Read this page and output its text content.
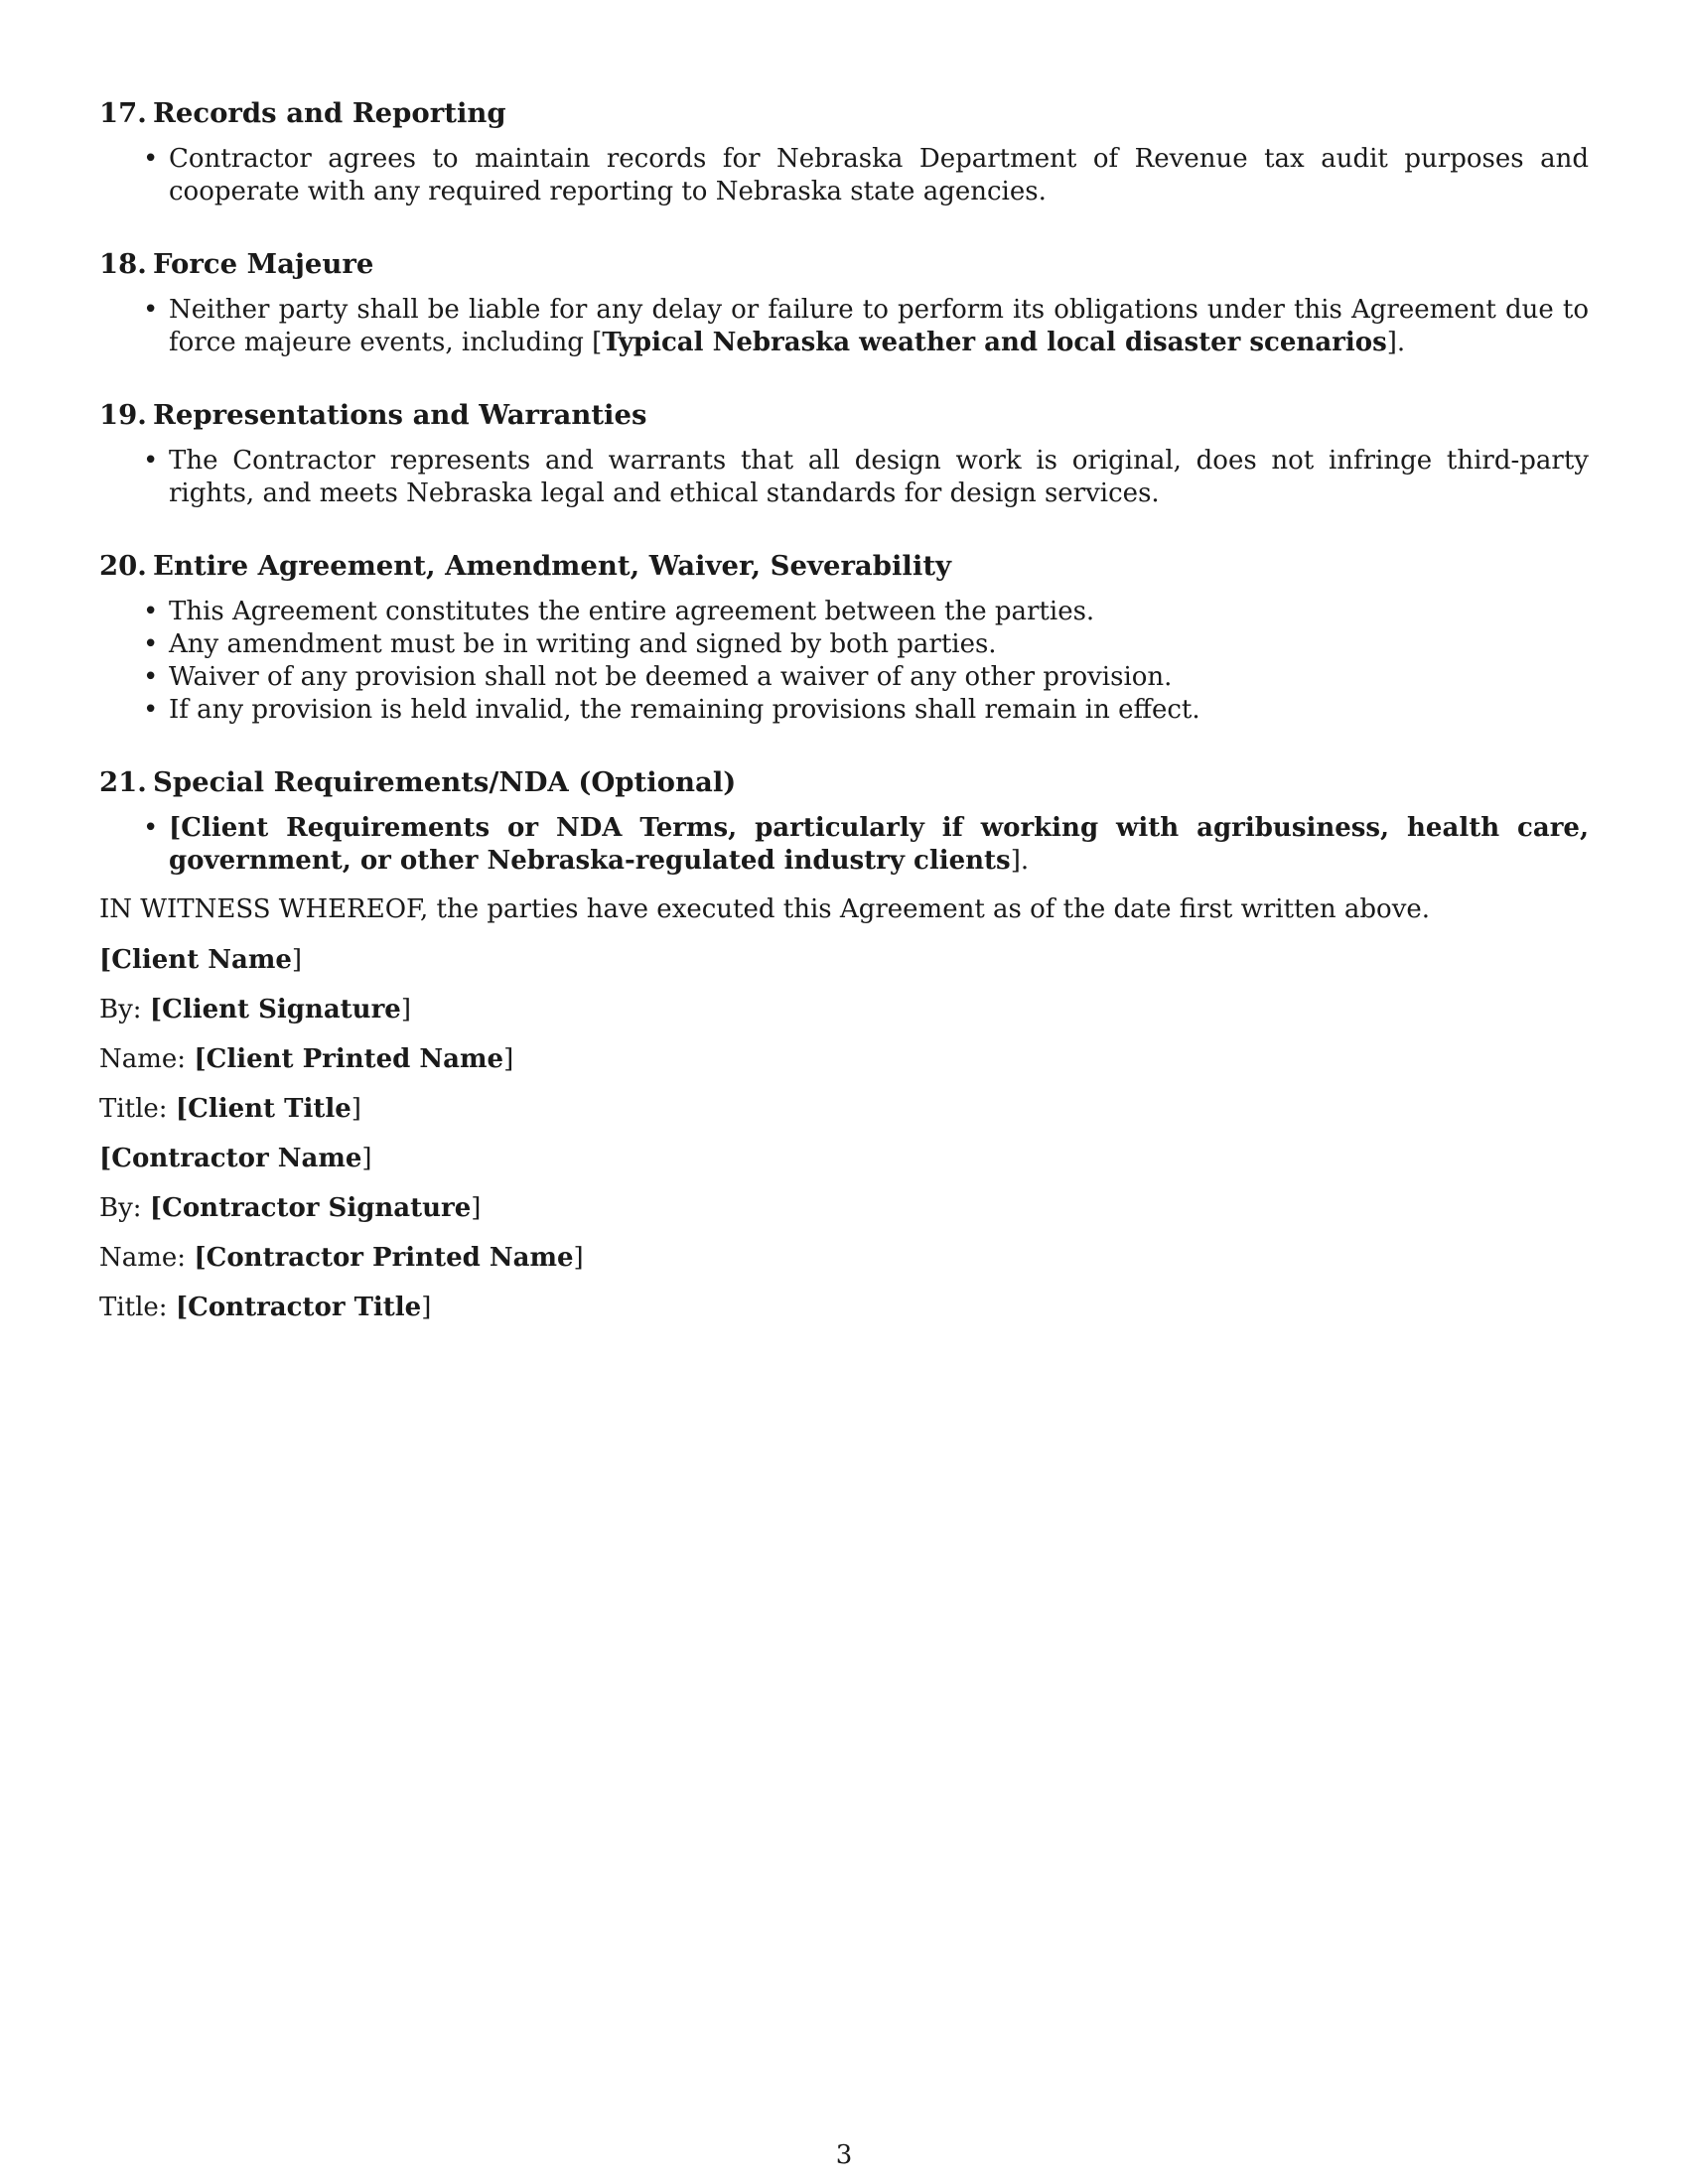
17. Records and Reporting
• Contractor agrees to maintain records for Nebraska Department of Revenue tax audit purposes and cooperate with any required reporting to Nebraska state agencies.
18. Force Majeure
• Neither party shall be liable for any delay or failure to perform its obligations under this Agreement due to force majeure events, including [Typical Nebraska weather and local disaster scenarios].
19. Representations and Warranties
• The Contractor represents and warrants that all design work is original, does not infringe third-party rights, and meets Nebraska legal and ethical standards for design services.
20. Entire Agreement, Amendment, Waiver, Severability
• This Agreement constitutes the entire agreement between the parties.
• Any amendment must be in writing and signed by both parties.
• Waiver of any provision shall not be deemed a waiver of any other provision.
• If any provision is held invalid, the remaining provisions shall remain in effect.
21. Special Requirements/NDA (Optional)
• [Client Requirements or NDA Terms, particularly if working with agribusiness, health care, government, or other Nebraska-regulated industry clients].

IN WITNESS WHEREOF, the parties have executed this Agreement as of the date first written above.

[Client Name]

By: [Client Signature]

Name: [Client Printed Name]

Title: [Client Title]

[Contractor Name]

By: [Contractor Signature]

Name: [Contractor Printed Name]

Title: [Contractor Title]

3
